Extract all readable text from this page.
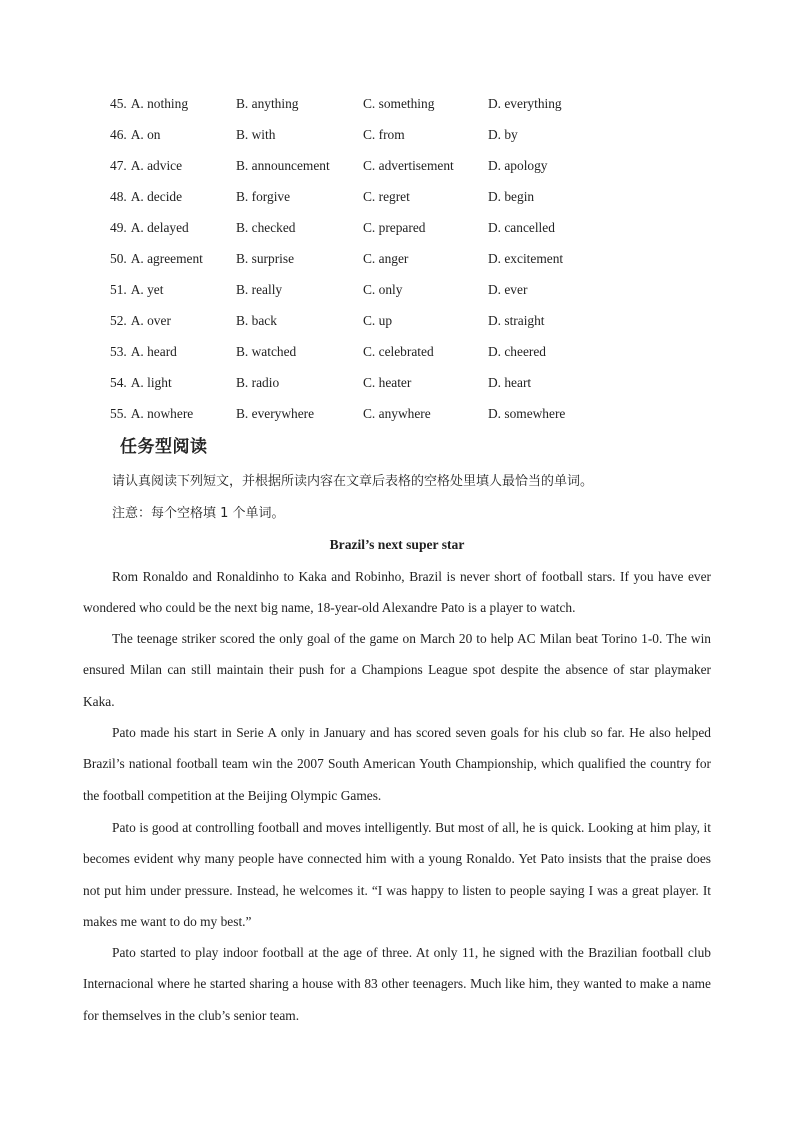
45. A. nothing	B. anything	C. something	D. everything
46. A. on	B. with	C. from	D. by
47. A. advice	B. announcement	C. advertisement	D. apology
48. A. decide	B. forgive	C. regret	D. begin
49. A. delayed	B. checked	C. prepared	D. cancelled
50. A. agreement	B. surprise	C. anger	D. excitement
51. A. yet	B. really	C. only	D. ever
52. A. over	B. back	C. up	D. straight
53. A. heard	B. watched	C. celebrated	D. cheered
54. A. light	B. radio	C. heater	D. heart
55. A. nowhere	B. everywhere	C. anywhere	D. somewhere
任务型阅读
请认真阅读下列短文，并根据所读内容在文章后表格的空格处里填人最恰当的单词。
注意：每个空格填 1 个单词。
Brazil’s next super star

Rom Ronaldo and Ronaldinho to Kaka and Robinho, Brazil is never short of football stars. If you have ever wondered who could be the next big name, 18-year-old Alexandre Pato is a player to watch.

The teenage striker scored the only goal of the game on March 20 to help AC Milan beat Torino 1-0. The win ensured Milan can still maintain their push for a Champions League spot despite the absence of star playmaker Kaka.

Pato made his start in Serie A only in January and has scored seven goals for his club so far. He also helped Brazil’s national football team win the 2007 South American Youth Championship, which qualified the country for the football competition at the Beijing Olympic Games.

Pato is good at controlling football and moves intelligently. But most of all, he is quick. Looking at him play, it becomes evident why many people have connected him with a young Ronaldo. Yet Pato insists that the praise does not put him under pressure. Instead, he welcomes it. “I was happy to listen to people saying I was a great player. It makes me want to do my best.”

Pato started to play indoor football at the age of three. At only 11, he signed with the Brazilian football club Internacional where he started sharing a house with 83 other teenagers. Much like him, they wanted to make a name for themselves in the club’s senior team.
